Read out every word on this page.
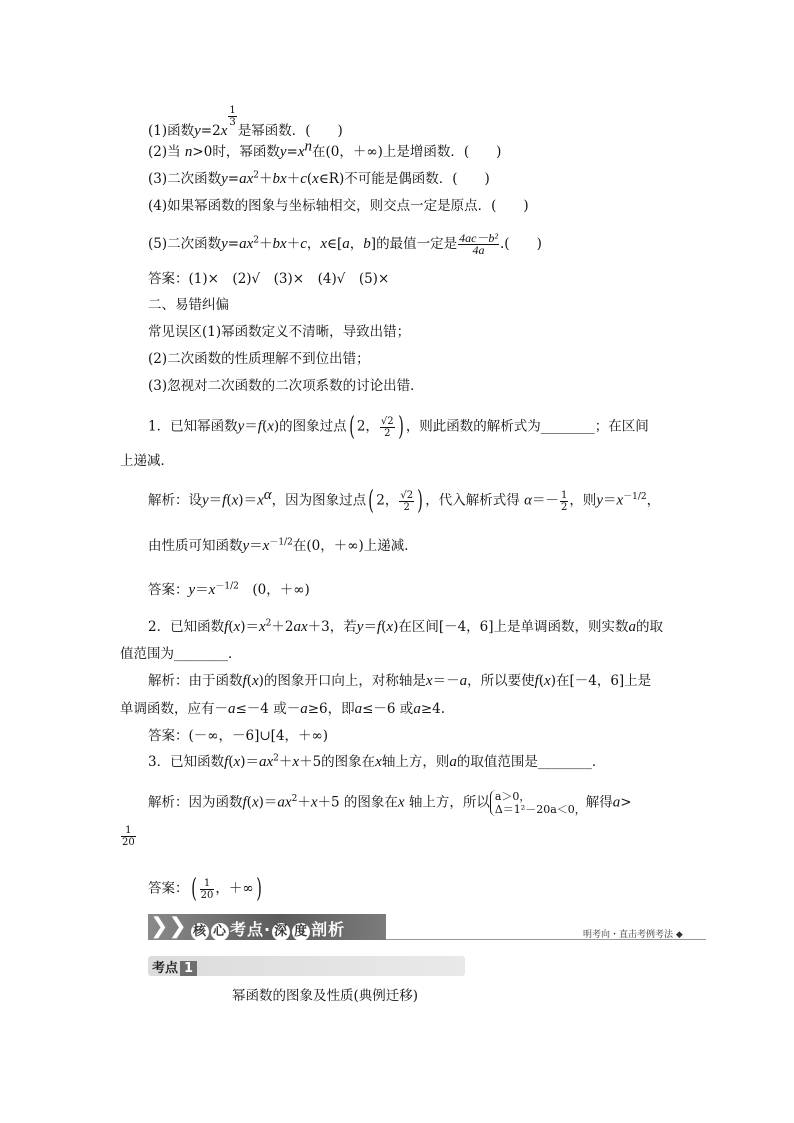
(1)函数y=2x
$\frac{1}{3}$
是幂函数．(　　)
(2)当 n>0时，幂函数$y=x^n$在(0，＋∞)上是增函数．(　　)
(3)二次函数$y=ax^2+bx+c(x\in R)$不可能是偶函数．(　　)
(4)如果幂函数的图象与坐标轴相交，则交点一定是原点．(　　)
(5)二次函数$y=ax^2+bx+c$，x∈[a，b]的最值一定是 $\frac{\text{4ac－b²}}{4a}$ .(　　)
答案：(1)×　(2)√　(3)×　(4)√　(5)×
二、易错纠偏
常见误区(1)幂函数定义不清晰，导致出错；
(2)二次函数的性质理解不到位出错；
(3)忽视对二次函数的二次项系数的讨论出错．
1．已知幂函数y＝f(x)的图象过点( 2， $\frac{√2}{2}$ ) ，则此函数的解析式为________；在区间
上递减．
解析：设$y=f(x)=x^\alpha$，因为图象过点( 2， $\frac{√2}{2}$ ) ，代入解析式得 $\alpha=- \frac{1}{2}$ ，则$y=x^{-1/2}$，
由性质可知函数$y=x^{-1/2}$在(0，＋∞)上递减．
答案：$y=x^{-1/2}$　(0，＋∞)
2．已知函数$f(x)=x^2+2ax+3$，若y＝f(x)在区间[－4，6]上是单调函数，则实数a的取
值范围为________．
解析：由于函数f(x)的图象开口向上，对称轴是x＝－a，所以要使f(x)在[－4，6]上是
单调函数，应有－a≤－4 或－a≥6，即a≤－6 或a≥4.
答案：(－∞，－6]∪[4，＋∞)
3．已知函数$f(x)=ax^2+x+5$的图象在x轴上方，则a的取值范围是________．
解析：因为函数$f(x)=ax^2+x+5$ 的图象在x 轴上方，所以 a＞0，
Δ＝1²－20a＜0， 解得a>
$\frac{1}{20}$
答案：( $\frac{1}{20}$ ，＋∞)
❯❯ 核 心 考点· 深 度 剖析	明考向・直击考例考法 ◆
考点 1
幂函数的图象及性质(典例迁移)
